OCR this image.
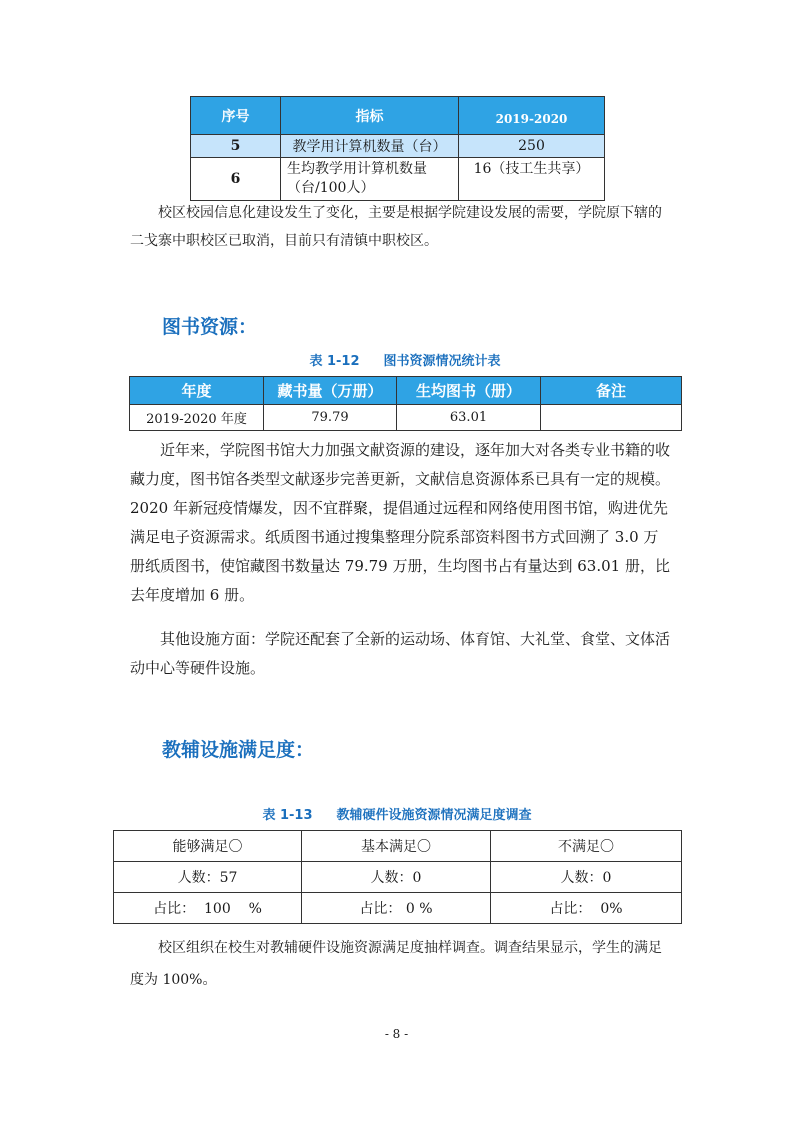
序号	指标	2019-2020
5	教学用计算机数量（台）	250
6	生均教学用计算机数量（台/100人）	16（技工生共享）

校区校园信息化建设发生了变化，主要是根据学院建设发展的需要，学院原下辖的二戈寨中职校区已取消，目前只有清镇中职校区。

图书资源：

表 1-12 图书资源情况统计表

年度	藏书量（万册）	生均图书（册）	备注
2019-2020 年度	79.79	63.01	

近年来，学院图书馆大力加强文献资源的建设，逐年加大对各类专业书籍的收藏力度，图书馆各类型文献逐步完善更新，文献信息资源体系已具有一定的规模。2020 年新冠疫情爆发，因不宜群聚，提倡通过远程和网络使用图书馆，购进优先满足电子资源需求。纸质图书通过搜集整理分院系部资料图书方式回溯了 3.0 万册纸质图书，使馆藏图书数量达 79.79 万册，生均图书占有量达到 63.01 册，比去年度增加 6 册。

其他设施方面：学院还配套了全新的运动场、体育馆、大礼堂、食堂、文体活动中心等硬件设施。

教辅设施满足度：

表 1-13 教辅硬件设施资源情况满足度调查

能够满足〇	基本满足〇	不满足〇
人数：57	人数：0	人数：0
占比： 100 %	占比： 0 %	占比： 0%

校区组织在校生对教辅硬件设施资源满足度抽样调查。调查结果显示，学生的满足度为 100%。

- 8 -
